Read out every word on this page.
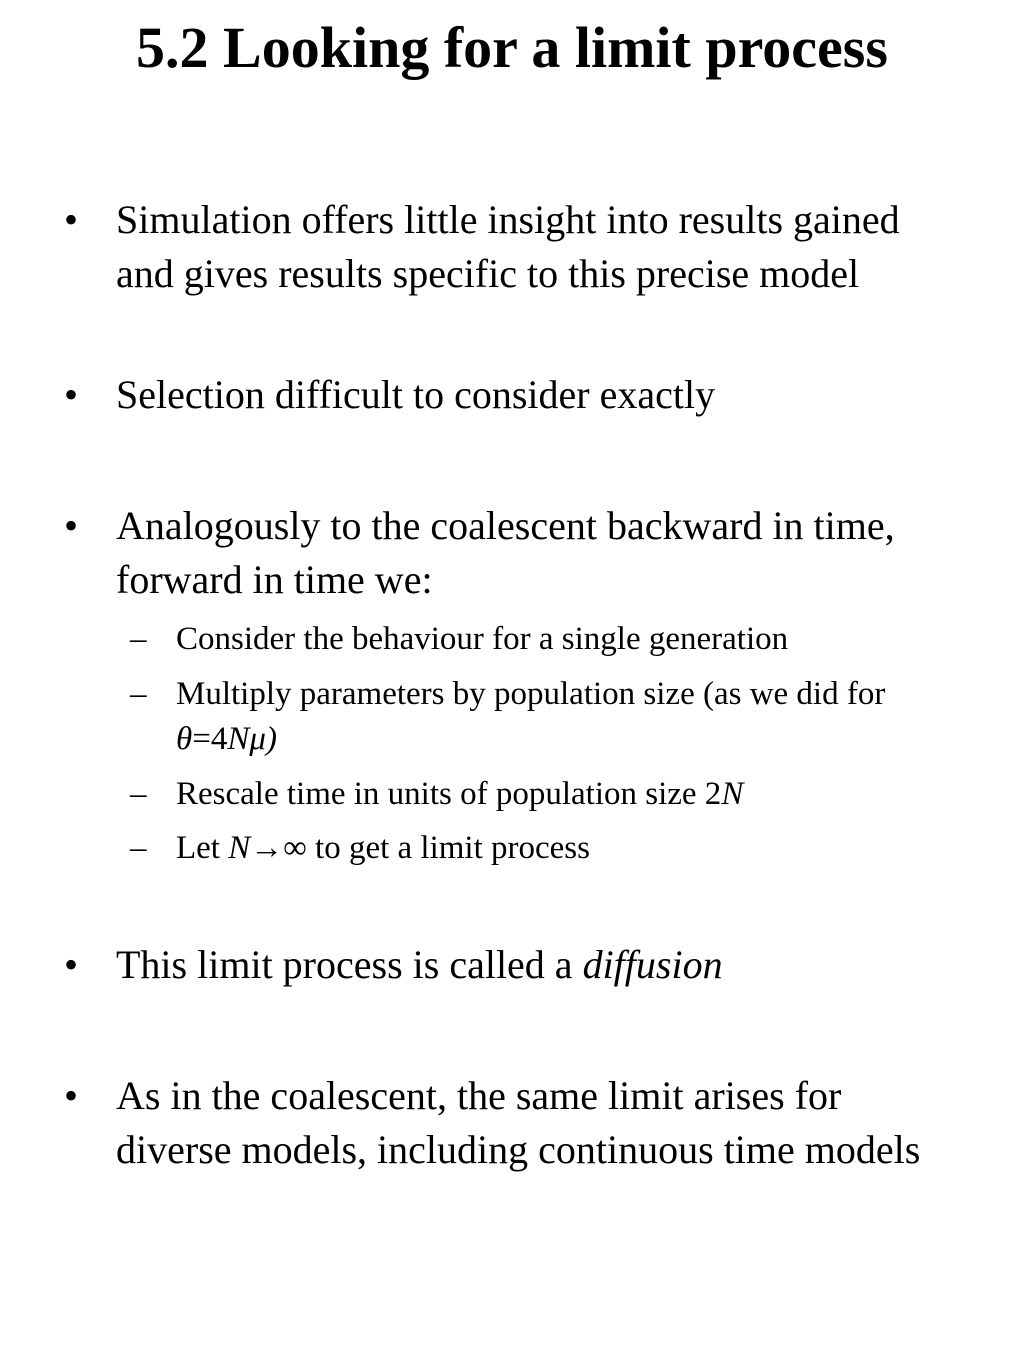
5.2 Looking for a limit process

• Simulation offers little insight into results gained and gives results specific to this precise model

• Selection difficult to consider exactly

• Analogously to the coalescent backward in time, forward in time we:

– Consider the behaviour for a single generation

– Multiply parameters by population size (as we did for θ=4Nμ)

– Rescale time in units of population size 2N

– Let N→∞ to get a limit process

• This limit process is called a diffusion

• As in the coalescent, the same limit arises for diverse models, including continuous time models
